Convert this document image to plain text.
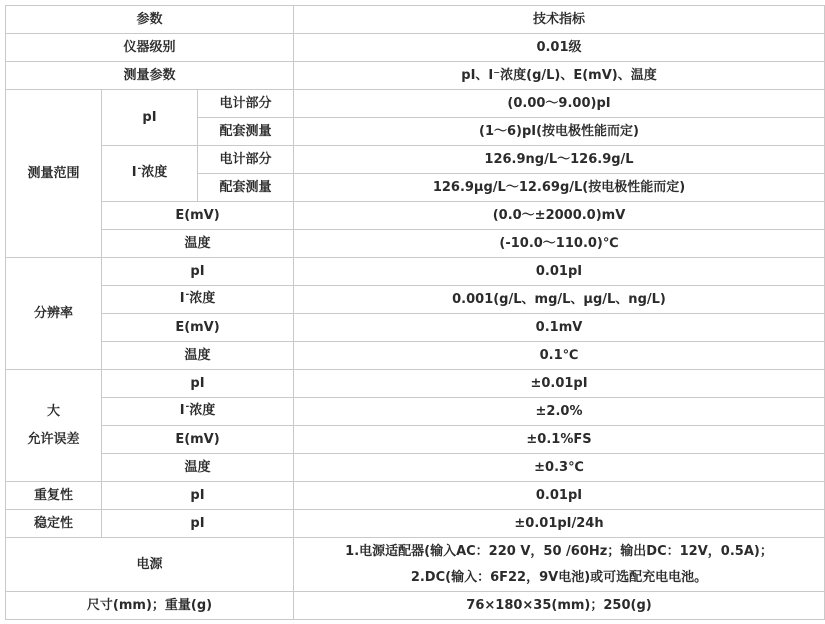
参数			技术指标
仪器级别			0.01级
测量参数			pI、I⁻浓度(g/L)、E(mV)、温度
测量范围	pI	电计部分	(0.00～9.00)pI
		配套测量	(1～6)pI(按电极性能而定)
	I-浓度	电计部分	126.9ng/L～126.9g/L
		配套测量	126.9μg/L～12.69g/L(按电极性能而定)
	E(mV)		(0.0～±2000.0)mV
	温度		(-10.0～110.0)℃
分辨率	pI		0.01pI
	I-浓度		0.001(g/L、mg/L、μg/L、ng/L)
	E(mV)		0.1mV
	温度		0.1℃

大
允许误差	pI		±0.01pI
	I-浓度		±2.0%
	E(mV)		±0.1%FS
	温度		±0.3℃
重复性	pI		0.01pI
稳定性	pI		±0.01pI/24h
电源			1.电源适配器(输入AC：220 V，50 /60Hz；输出DC：12V，0.5A)；
2.DC(输入：6F22，9V电池)或可选配充电电池。

尺寸(mm)；重量(g)			76×180×35(mm)；250(g)
